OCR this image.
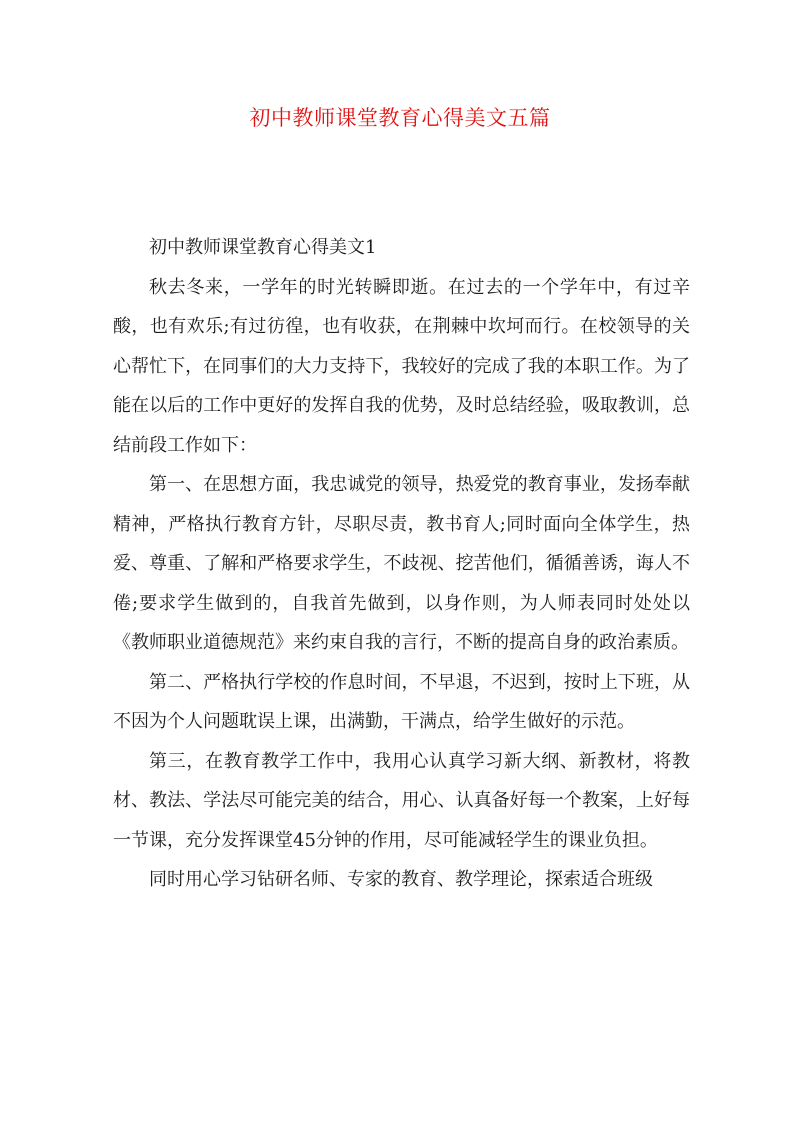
初中教师课堂教育心得美文五篇

初中教师课堂教育心得美文1

秋去冬来，一学年的时光转瞬即逝。在过去的一个学年中，有过辛酸，也有欢乐;有过彷徨，也有收获，在荆棘中坎坷而行。在校领导的关心帮忙下，在同事们的大力支持下，我较好的完成了我的本职工作。为了能在以后的工作中更好的发挥自我的优势，及时总结经验，吸取教训，总结前段工作如下：

第一、在思想方面，我忠诚党的领导，热爱党的教育事业，发扬奉献精神，严格执行教育方针，尽职尽责，教书育人;同时面向全体学生，热爱、尊重、了解和严格要求学生，不歧视、挖苦他们，循循善诱，诲人不倦;要求学生做到的，自我首先做到，以身作则，为人师表同时处处以《教师职业道德规范》来约束自我的言行，不断的提高自身的政治素质。

第二、严格执行学校的作息时间，不早退，不迟到，按时上下班，从不因为个人问题耽误上课，出满勤，干满点，给学生做好的示范。

第三，在教育教学工作中，我用心认真学习新大纲、新教材，将教材、教法、学法尽可能完美的结合，用心、认真备好每一个教案，上好每一节课，充分发挥课堂45分钟的作用，尽可能减轻学生的课业负担。

同时用心学习钻研名师、专家的教育、教学理论，探索适合班级
